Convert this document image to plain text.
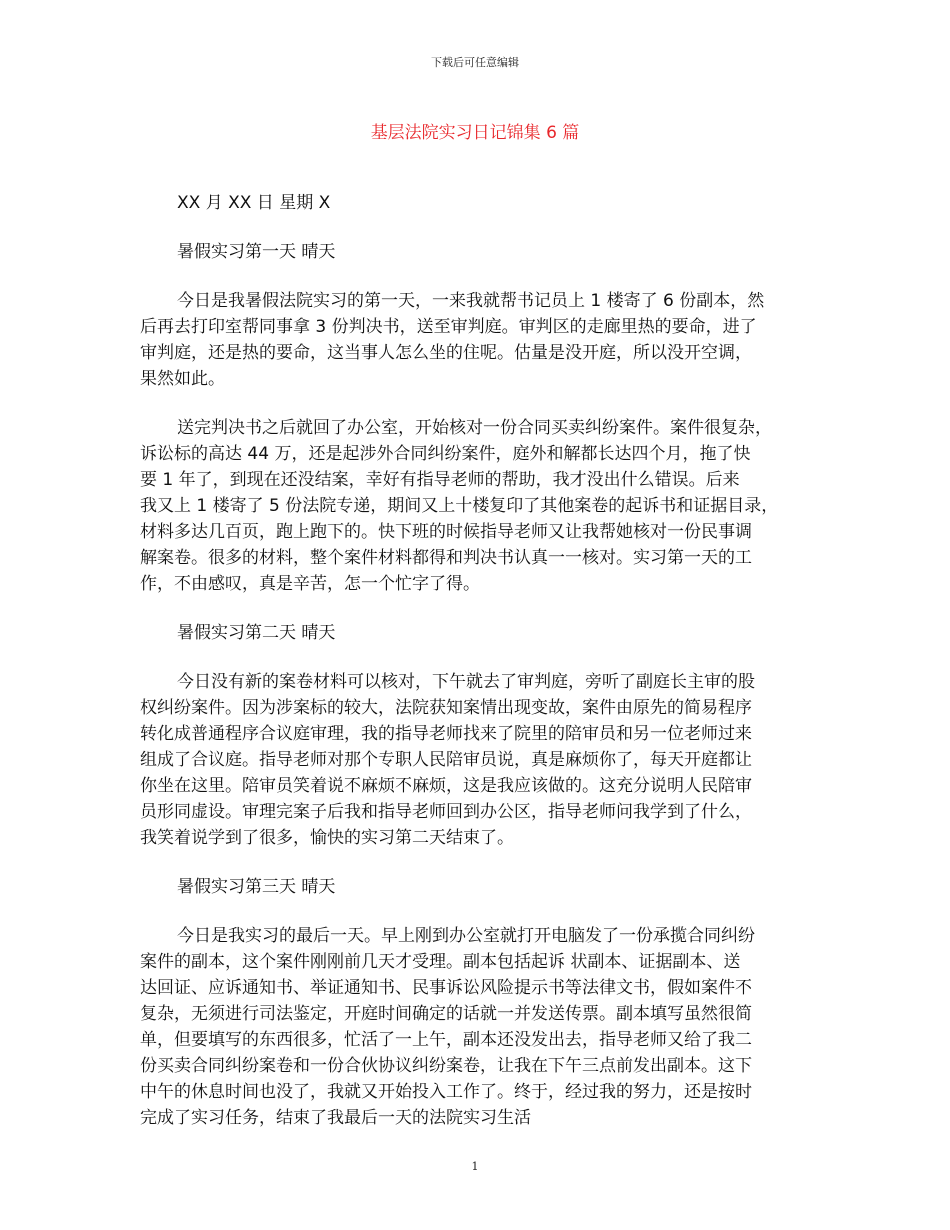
下载后可任意编辑
基层法院实习日记锦集 6 篇
XX 月 XX 日 星期 X
暑假实习第一天 晴天
今日是我暑假法院实习的第一天，一来我就帮书记员上 1 楼寄了 6 份副本，然
后再去打印室帮同事拿 3 份判决书，送至审判庭。审判区的走廊里热的要命，进了
审判庭，还是热的要命，这当事人怎么坐的住呢。估量是没开庭，所以没开空调，
果然如此。
送完判决书之后就回了办公室，开始核对一份合同买卖纠纷案件。案件很复杂，
诉讼标的高达 44 万，还是起涉外合同纠纷案件，庭外和解都长达四个月，拖了快
要 1 年了，到现在还没结案，幸好有指导老师的帮助，我才没出什么错误。后来
我又上 1 楼寄了 5 份法院专递，期间又上十楼复印了其他案卷的起诉书和证据目录，
材料多达几百页，跑上跑下的。快下班的时候指导老师又让我帮她核对一份民事调
解案卷。很多的材料，整个案件材料都得和判决书认真一一核对。实习第一天的工
作，不由感叹，真是辛苦，怎一个忙字了得。
暑假实习第二天 晴天
今日没有新的案卷材料可以核对，下午就去了审判庭，旁听了副庭长主审的股
权纠纷案件。因为涉案标的较大，法院获知案情出现变故，案件由原先的简易程序
转化成普通程序合议庭审理，我的指导老师找来了院里的陪审员和另一位老师过来
组成了合议庭。指导老师对那个专职人民陪审员说，真是麻烦你了，每天开庭都让
你坐在这里。陪审员笑着说不麻烦不麻烦，这是我应该做的。这充分说明人民陪审
员形同虚设。审理完案子后我和指导老师回到办公区，指导老师问我学到了什么，
我笑着说学到了很多，愉快的实习第二天结束了。
暑假实习第三天 晴天
今日是我实习的最后一天。早上刚到办公室就打开电脑发了一份承揽合同纠纷
案件的副本，这个案件刚刚前几天才受理。副本包括起诉 状副本、证据副本、送
达回证、应诉通知书、举证通知书、民事诉讼风险提示书等法律文书，假如案件不
复杂，无须进行司法鉴定，开庭时间确定的话就一并发送传票。副本填写虽然很简
单，但要填写的东西很多，忙活了一上午，副本还没发出去，指导老师又给了我二
份买卖合同纠纷案卷和一份合伙协议纠纷案卷，让我在下午三点前发出副本。这下
中午的休息时间也没了，我就又开始投入工作了。终于，经过我的努力，还是按时
完成了实习任务，结束了我最后一天的法院实习生活
1
